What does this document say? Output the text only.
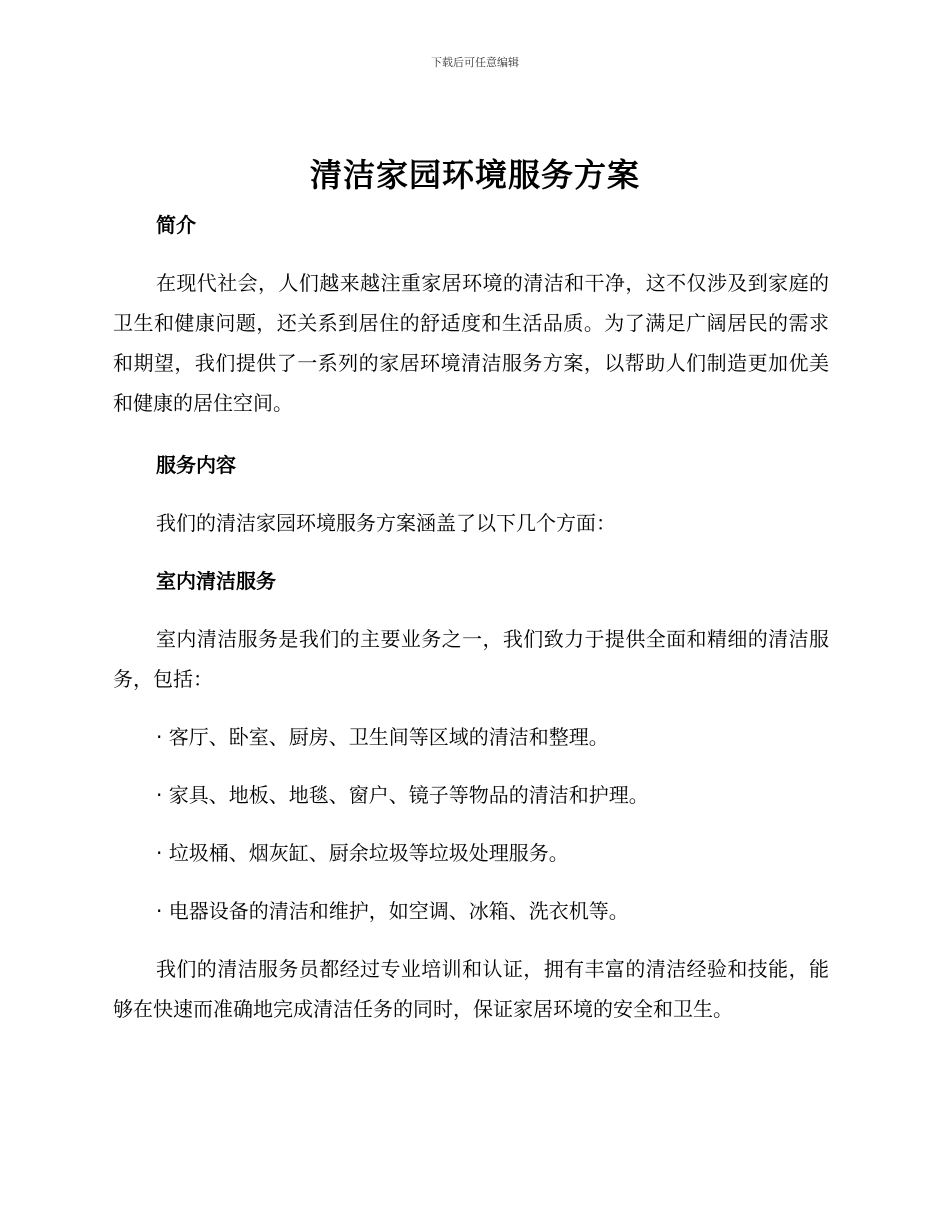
下载后可任意编辑
清洁家园环境服务方案

简介

在现代社会，人们越来越注重家居环境的清洁和干净，这不仅涉及到家庭的卫生和健康问题，还关系到居住的舒适度和生活品质。为了满足广阔居民的需求和期望，我们提供了一系列的家居环境清洁服务方案，以帮助人们制造更加优美和健康的居住空间。

服务内容

我们的清洁家园环境服务方案涵盖了以下几个方面：

室内清洁服务

室内清洁服务是我们的主要业务之一，我们致力于提供全面和精细的清洁服务，包括：

· 客厅、卧室、厨房、卫生间等区域的清洁和整理。

· 家具、地板、地毯、窗户、镜子等物品的清洁和护理。

· 垃圾桶、烟灰缸、厨余垃圾等垃圾处理服务。

· 电器设备的清洁和维护，如空调、冰箱、洗衣机等。

我们的清洁服务员都经过专业培训和认证，拥有丰富的清洁经验和技能，能够在快速而准确地完成清洁任务的同时，保证家居环境的安全和卫生。
